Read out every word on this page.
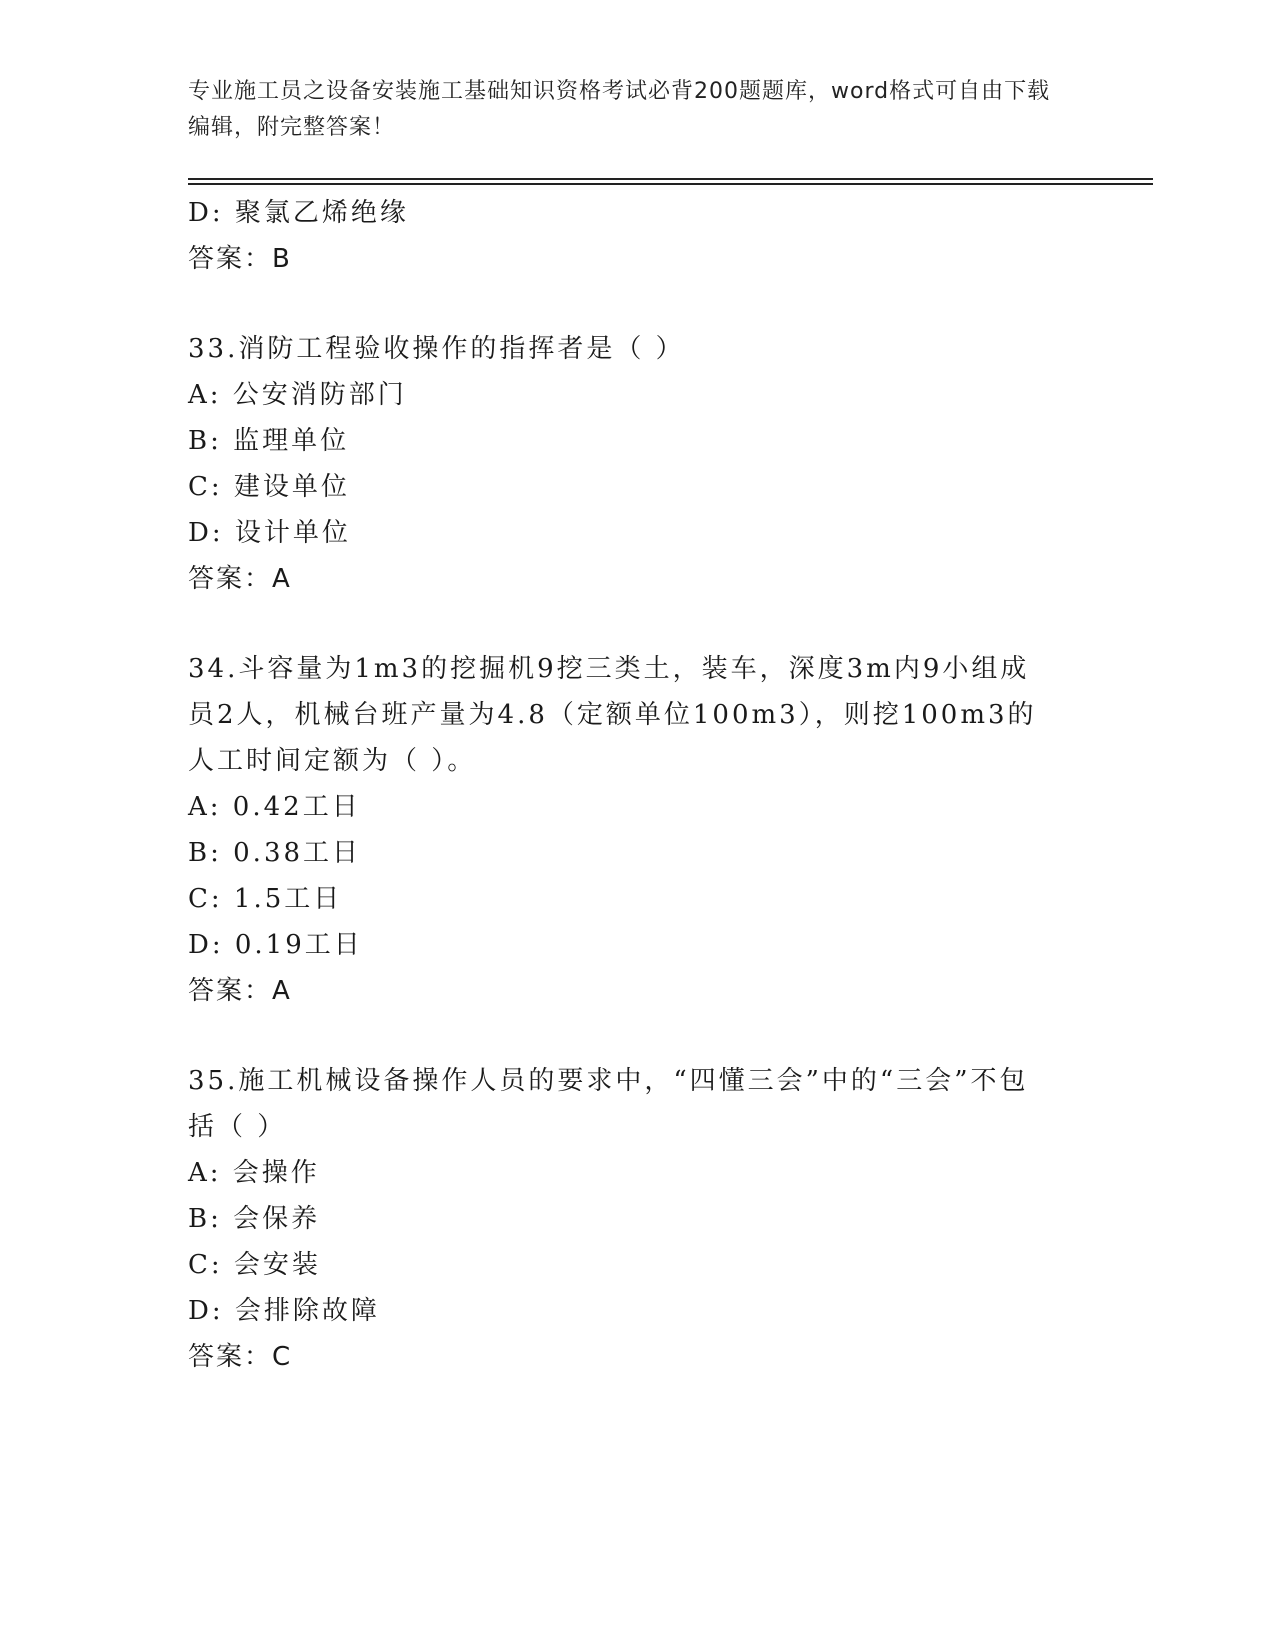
专业施工员之设备安装施工基础知识资格考试必背200题题库，word格式可自由下载编辑，附完整答案！
D: 聚氯乙烯绝缘
答案：B
33.消防工程验收操作的指挥者是（ ）
A: 公安消防部门
B: 监理单位
C: 建设单位
D: 设计单位
答案：A
34.斗容量为1m3的挖掘机9挖三类土，装车，深度3m内9小组成员2人，机械台班产量为4.8（定额单位100m3），则挖100m3的人工时间定额为（ ）。
A: 0.42工日
B: 0.38工日
C: 1.5工日
D: 0.19工日
答案：A
35.施工机械设备操作人员的要求中，“四懂三会”中的“三会”不包括（ ）
A: 会操作
B: 会保养
C: 会安装
D: 会排除故障
答案：C
